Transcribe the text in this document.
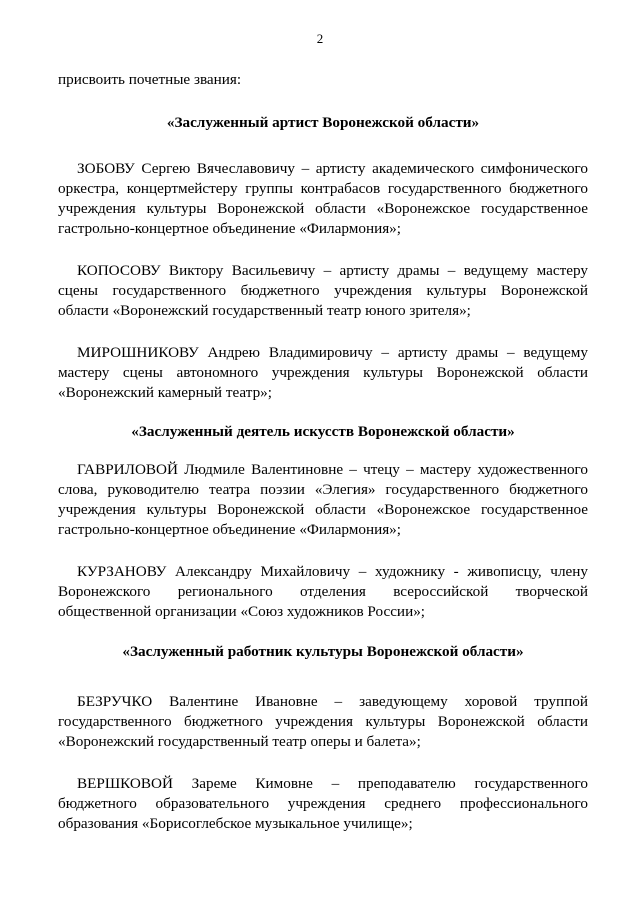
2

присвоить почетные звания:

«Заслуженный артист Воронежской области»

ЗОБОВУ Сергею Вячеславовичу – артисту академического симфонического оркестра, концертмейстеру группы контрабасов государственного бюджетного учреждения культуры Воронежской области «Воронежское государственное гастрольно-концертное объединение «Филармония»;

КОПОСОВУ Виктору Васильевичу – артисту драмы – ведущему мастеру сцены государственного бюджетного учреждения культуры Воронежской области «Воронежский государственный театр юного зрителя»;

МИРОШНИКОВУ Андрею Владимировичу – артисту драмы – ведущему мастеру сцены автономного учреждения культуры Воронежской области «Воронежский камерный театр»;

«Заслуженный деятель искусств Воронежской области»

ГАВРИЛОВОЙ Людмиле Валентиновне – чтецу – мастеру художественного слова, руководителю театра поэзии «Элегия» государственного бюджетного учреждения культуры Воронежской области «Воронежское государственное гастрольно-концертное объединение «Филармония»;

КУРЗАНОВУ Александру Михайловичу – художнику - живописцу, члену Воронежского регионального отделения всероссийской творческой общественной организации «Союз художников России»;

«Заслуженный работник культуры Воронежской области»

БЕЗРУЧКО Валентине Ивановне – заведующему хоровой труппой государственного бюджетного учреждения культуры Воронежской области «Воронежский государственный театр оперы и балета»;

ВЕРШКОВОЙ Зареме Кимовне – преподавателю государственного бюджетного образовательного учреждения среднего профессионального образования «Борисоглебское музыкальное училище»;
